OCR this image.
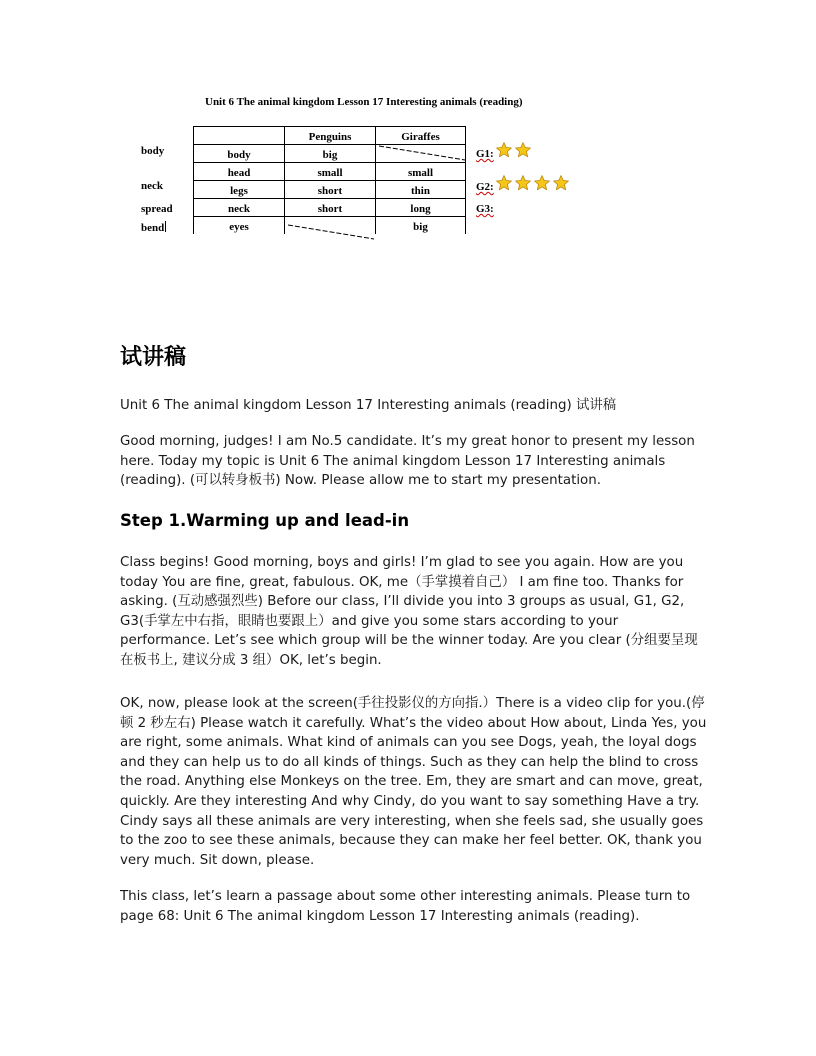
Unit 6 The animal kingdom Lesson 17 Interesting animals (reading)
body
neck
spread
bend
	Penguins	Giraffes
body	big	
head	small	small
legs	short	thin
neck	short	long
eyes		big
G1:
G2:
G3:
试讲稿
Unit 6 The animal kingdom Lesson 17 Interesting animals (reading) 试讲稿
Good morning, judges! I am No.5 candidate. It’s my great honor to present my lesson here. Today my topic is Unit 6 The animal kingdom Lesson 17 Interesting animals (reading). (可以转身板书) Now. Please allow me to start my presentation.
Step 1.Warming up and lead-in
Class begins! Good morning, boys and girls! I’m glad to see you again. How are you today You are fine, great, fabulous. OK, me（手掌摸着自己） I am fine too. Thanks for asking. (互动感强烈些) Before our class, I’ll divide you into 3 groups as usual, G1, G2, G3(手掌左中右指，眼睛也要跟上）and give you some stars according to your performance. Let’s see which group will be the winner today. Are you clear (分组要呈现在板书上, 建议分成 3 组）OK, let’s begin.
OK, now, please look at the screen(手往投影仪的方向指.）There is a video clip for you.(停顿 2 秒左右) Please watch it carefully. What’s the video about How about, Linda Yes, you are right, some animals. What kind of animals can you see Dogs, yeah, the loyal dogs and they can help us to do all kinds of things. Such as they can help the blind to cross the road. Anything else Monkeys on the tree. Em, they are smart and can move, great, quickly. Are they interesting And why Cindy, do you want to say something Have a try. Cindy says all these animals are very interesting, when she feels sad, she usually goes to the zoo to see these animals, because they can make her feel better. OK, thank you very much. Sit down, please.
This class, let’s learn a passage about some other interesting animals. Please turn to page 68: Unit 6 The animal kingdom Lesson 17 Interesting animals (reading).
